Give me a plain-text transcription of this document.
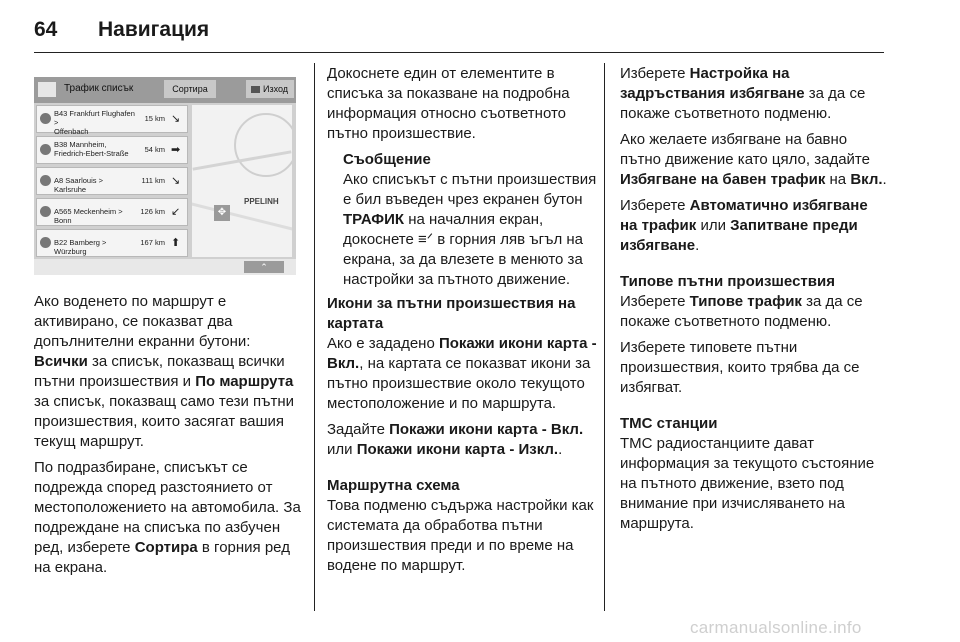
64 Навигация
Трафик списък	Сортира	Изход
B43 Frankfurt Flughafen >
Offenbach
15 km ↘
B38 Mannheim,
Friedrich-Ebert-Straße	54 km ➡
A8 Saarlouis > Karlsruhe
111 km ↘
A565 Meckenheim > Bonn
126 km ↙
B22 Bamberg > Würzburg
167 km ⬆
PPELINH
✥
⌃

Ако воденето по маршрут е активирано, се показват два допълнителни екранни бутони: Всички за списък, показващ всички пътни произшествия и По маршрута за списък, показващ само тези пътни произшествия, които засягат вашия текущ маршрут.

По подразбиране, списъкът се подрежда според разстоянието от местоположението на автомобила. За подреждане на списъка по азбучен ред, изберете Сортира в горния ред на екрана.

Докоснете един от елементите в списъка за показване на подробна информация относно съответното пътно произшествие.

Съобщение

Ако списъкът с пътни произшествия е бил въведен чрез екранен бутон ТРАФИК на началния екран, докоснете ≡ᐟ в горния ляв ъгъл на екрана, за да влезете в менюто за настройки за пътното движение.

Икони за пътни произшествия на картата

Ако е зададено Покажи икони карта - Вкл., на картата се показват икони за пътно произшествие около текущото местоположение и по маршрута.

Задайте Покажи икони карта - Вкл. или Покажи икони карта - Изкл..

Маршрутна схема

Това подменю съдържа настройки как системата да обработва пътни произшествия преди и по време на водене по маршрут.

Изберете Настройка на задръствания избягване за да се покаже съответното подменю.

Ако желаете избягване на бавно пътно движение като цяло, задайте Избягване на бавен трафик на Вкл..

Изберете Автоматично избягване на трафик или Запитване преди избягване.

Типове пътни произшествия

Изберете Типове трафик за да се покаже съответното подменю.

Изберете типовете пътни произшествия, които трябва да се избягват.

TMC станции

TMC радиостанциите дават информация за текущото състояние на пътното движение, взето под внимание при изчисляването на маршрута.

carmanualsonline.info
